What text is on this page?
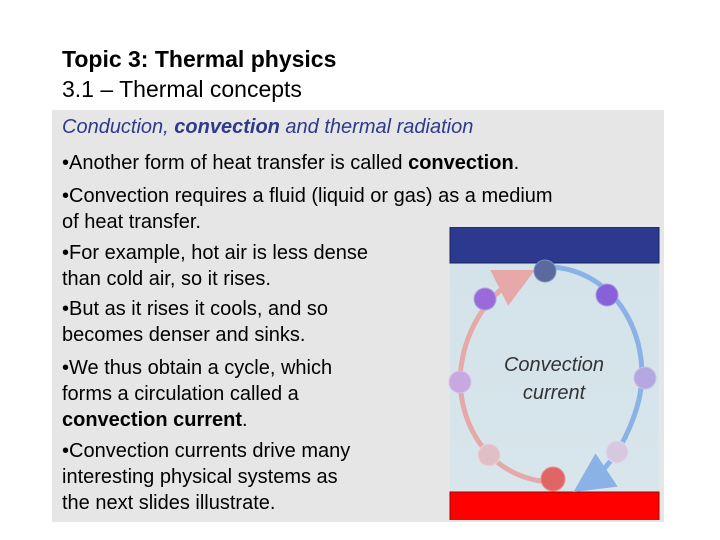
Topic 3: Thermal physics
3.1 – Thermal concepts
Conduction, convection and thermal radiation
•Another form of heat transfer is called convection.
•Convection requires a fluid (liquid or gas) as a medium
of heat transfer.
•For example, hot air is less dense
than cold air, so it rises.
•But as it rises it cools, and so
becomes denser and sinks.
•We thus obtain a cycle, which
forms a circulation called a
convection current.
•Convection currents drive many
interesting physical systems as
the next slides illustrate.
Convection
current
